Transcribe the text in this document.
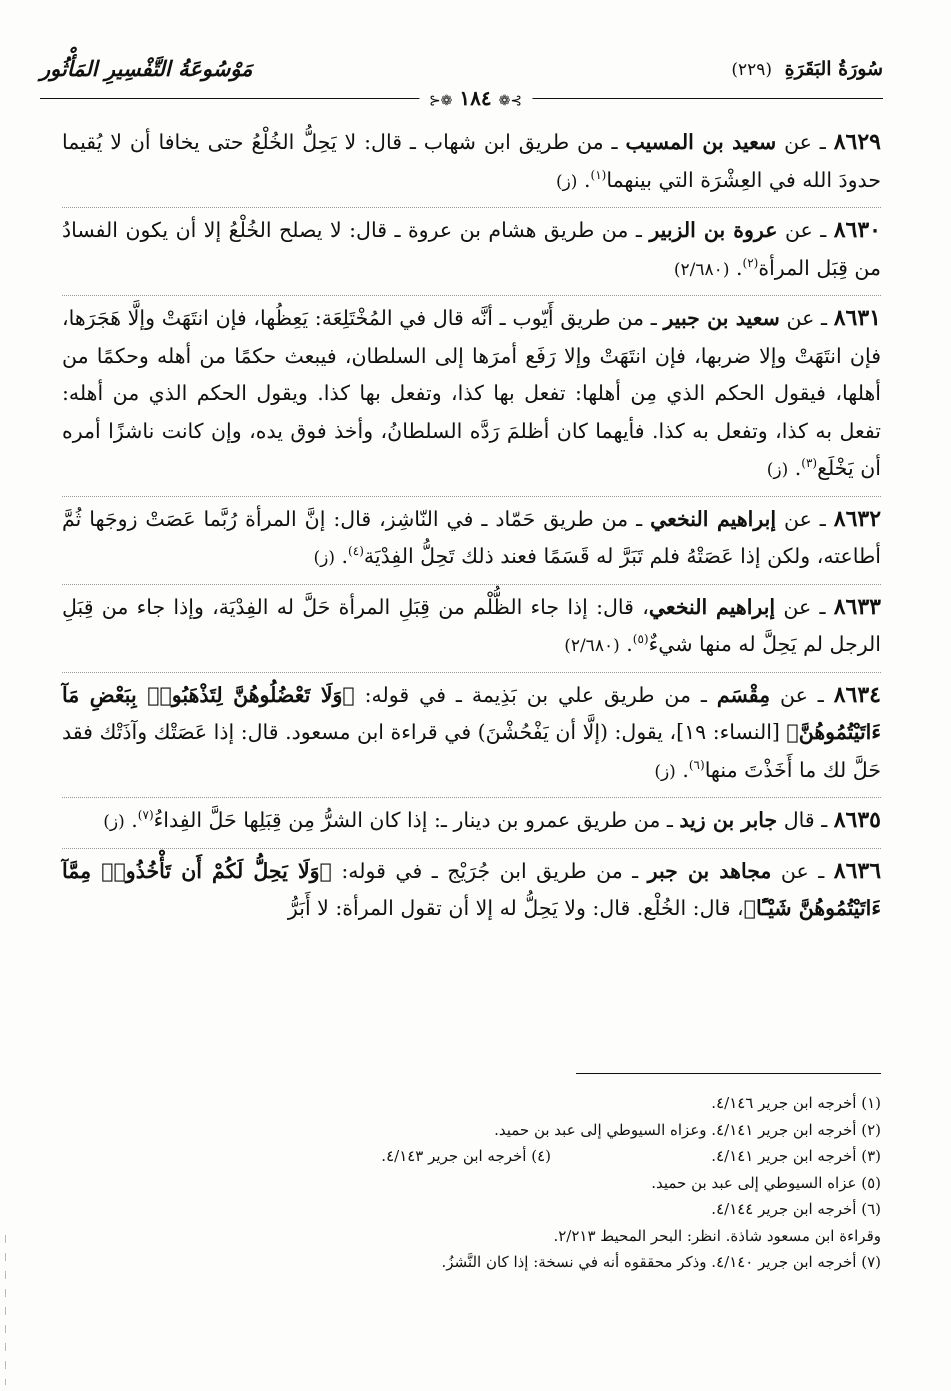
سُورَةُ البَقَرَةِ (٢٢٩)
مَوْسُوعَةُ التَّفْسِيرِ المَأْثُور
⊱❁ ١٨٤ ❁⊰

٨٦٢٩ ـ عن سعيد بن المسيب ـ من طريق ابن شهاب ـ قال: لا يَحِلُّ الخُلْعُ حتى يخافا أن لا يُقيما حدودَ الله في العِشْرَة التي بينهما$^{(١)}$. (ز)

٨٦٣٠ ـ عن عروة بن الزبير ـ من طريق هشام بن عروة ـ قال: لا يصلح الخُلْعُ إلا أن يكون الفسادُ من قِبَل المرأة$^{(٢)}$. (٢/٦٨٠)

٨٦٣١ ـ عن سعيد بن جبير ـ من طريق أَيّوب ـ أنَّه قال في المُخْتَلِعَة: يَعِظُها، فإن انتَهَتْ وإلَّا هَجَرَها، فإن انتَهَتْ وإلا ضربها، فإن انتَهَتْ وإلا رَفَع أمرَها إلى السلطان، فيبعث حكمًا من أهله وحكمًا من أهلها، فيقول الحكم الذي مِن أهلها: تفعل بها كذا، وتفعل بها كذا. ويقول الحكم الذي من أهله: تفعل به كذا، وتفعل به كذا. فأيهما كان أظلمَ رَدَّه السلطانُ، وأخذ فوق يده، وإن كانت ناشزًا أمره أن يَخْلَع$^{(٣)}$. (ز)

٨٦٣٢ ـ عن إبراهيم النخعي ـ من طريق حَمّاد ـ في النّاشِز، قال: إنَّ المرأة رُبَّما عَصَتْ زوجَها ثُمَّ أطاعته، ولكن إذا عَصَتْهُ فلم تَبَرَّ له قَسَمًا فعند ذلك تَحِلُّ الفِدْيَة$^{(٤)}$. (ز)

٨٦٣٣ ـ عن إبراهيم النخعي، قال: إذا جاء الظُّلْم من قِبَلِ المرأة حَلَّ له الفِدْيَة، وإذا جاء من قِبَلِ الرجل لم يَحِلَّ له منها شيءٌ$^{(٥)}$. (٢/٦٨٠)

٨٦٣٤ ـ عن مِقْسَم ـ من طريق علي بن بَذِيمة ـ في قوله: ﴿وَلَا تَعْضُلُوهُنَّ لِتَذْهَبُوا۟ بِبَعْضِ مَآ ءَاتَيْتُمُوهُنَّ﴾ [النساء: ١٩]، يقول: (إلَّا أن يَفْحُشْنَ) في قراءة ابن مسعود. قال: إذا عَصَتْك وآذَتْك فقد حَلَّ لك ما أَخَذْتَ منها$^{(٦)}$. (ز)

٨٦٣٥ ـ قال جابر بن زيد ـ من طريق عمرو بن دينار ـ: إذا كان الشرُّ مِن قِبَلِها حَلَّ الفِداءُ$^{(٧)}$. (ز)

٨٦٣٦ ـ عن مجاهد بن جبر ـ من طريق ابن جُرَيْج ـ في قوله: ﴿وَلَا يَحِلُّ لَكُمْ أَن تَأْخُذُوا۟ مِمَّآ ءَاتَيْتُمُوهُنَّ شَيْـًٔا﴾، قال: الخُلْع. قال: ولا يَحِلُّ له إلا أن تقول المرأة: لا أَبَرُّ

(١) أخرجه ابن جرير ٤/١٤٦.
(٢) أخرجه ابن جرير ٤/١٤١. وعزاه السيوطي إلى عبد بن حميد.
(٣) أخرجه ابن جرير ٤/١٤١.
(٤) أخرجه ابن جرير ٤/١٤٣.
(٥) عزاه السيوطي إلى عبد بن حميد.
(٦) أخرجه ابن جرير ٤/١٤٤.
وقراءة ابن مسعود شاذة. انظر: البحر المحيط ٢/٢١٣.
(٧) أخرجه ابن جرير ٤/١٤٠. وذكر محققوه أنه في نسخة: إذا كان النَّشزُ.
